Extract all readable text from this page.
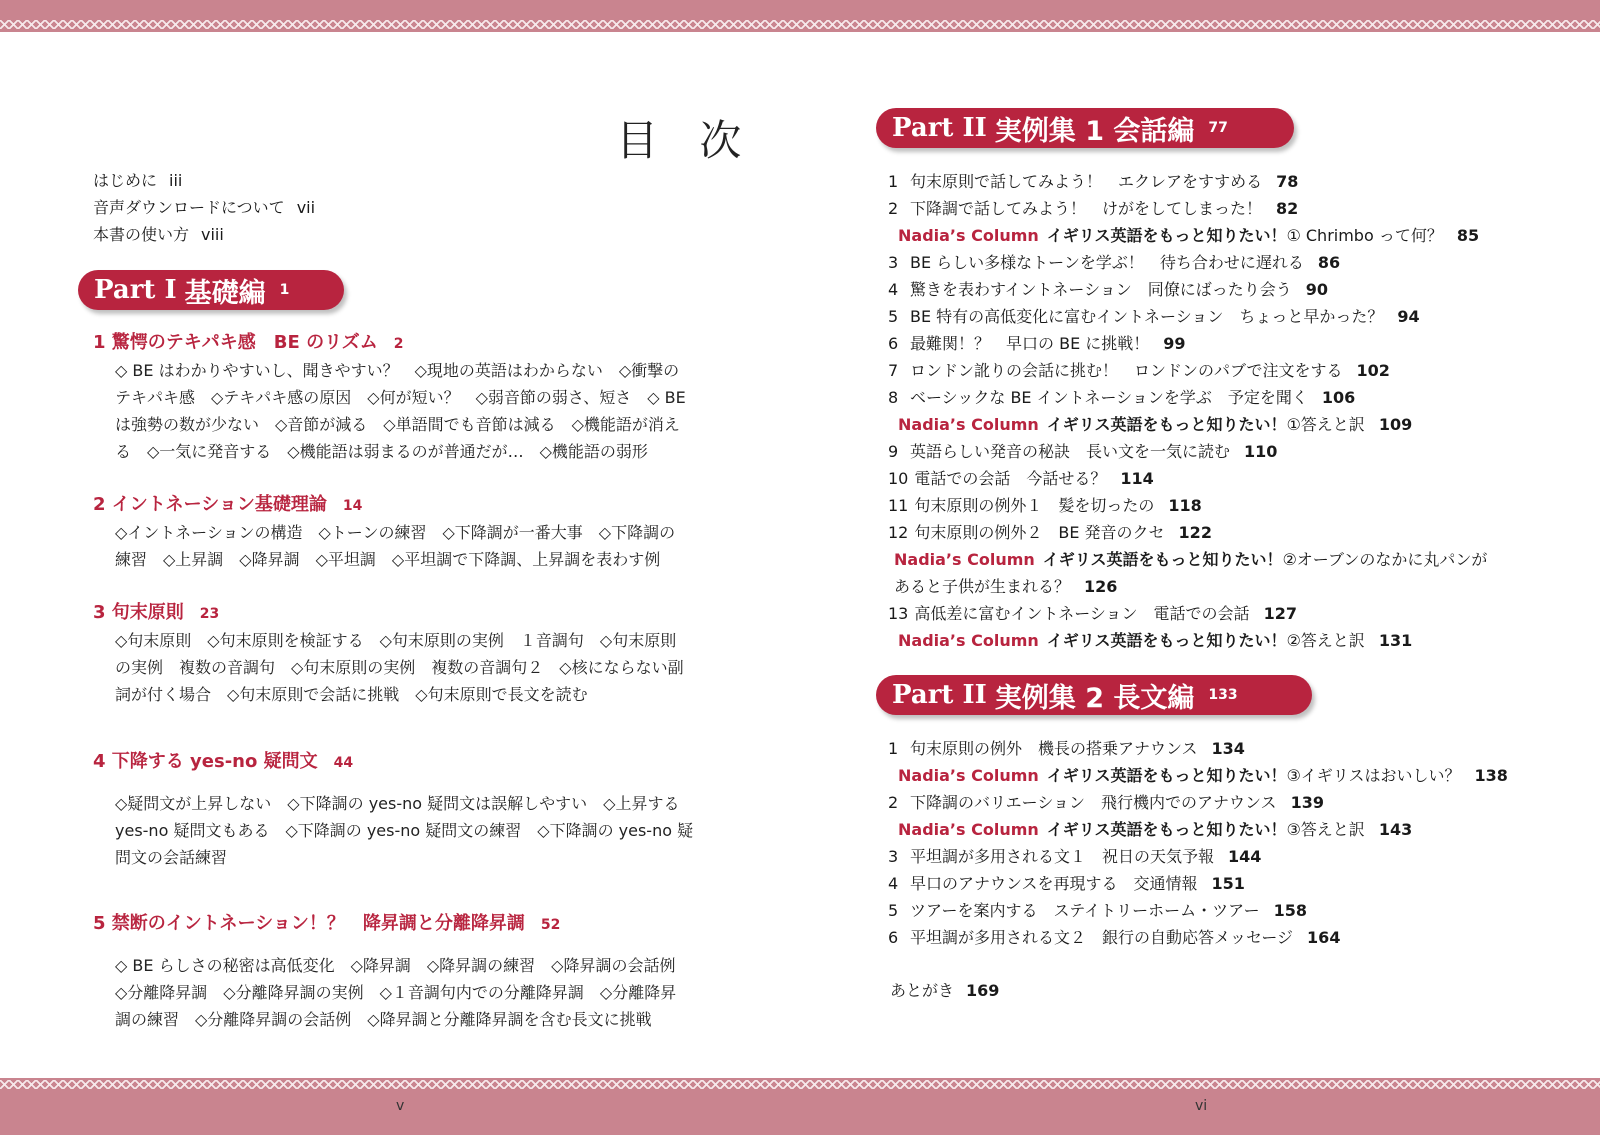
v	vi
目 次
はじめに iii
音声ダウンロードについて vii
本書の使い方 viii
Part I 基礎編 1
1 驚愕のテキパキ感　BE のリズム 2
◇ BE はわかりやすいし、聞きやすい？　◇現地の英語はわからない　◇衝撃の
テキパキ感　◇テキパキ感の原因　◇何が短い？　◇弱音節の弱さ、短さ　◇ BE
は強勢の数が少ない　◇音節が減る　◇単語間でも音節は減る　◇機能語が消え
る　◇一気に発音する　◇機能語は弱まるのが普通だが…　◇機能語の弱形
2 イントネーション基礎理論 14
◇イントネーションの構造　◇トーンの練習　◇下降調が一番大事　◇下降調の
練習　◇上昇調　◇降昇調　◇平坦調　◇平坦調で下降調、上昇調を表わす例
3 句末原則 23
◇句末原則　◇句末原則を検証する　◇句末原則の実例　１音調句　◇句末原則
の実例　複数の音調句　◇句末原則の実例　複数の音調句２　◇核にならない副
詞が付く場合　◇句末原則で会話に挑戦　◇句末原則で長文を読む
4 下降する yes-no 疑問文 44
◇疑問文が上昇しない　◇下降調の yes-no 疑問文は誤解しやすい　◇上昇する
yes-no 疑問文もある　◇下降調の yes-no 疑問文の練習　◇下降調の yes-no 疑
問文の会話練習
5 禁断のイントネーション！？　降昇調と分離降昇調 52
◇ BE らしさの秘密は高低変化　◇降昇調　◇降昇調の練習　◇降昇調の会話例
◇分離降昇調　◇分離降昇調の実例　◇１音調句内での分離降昇調　◇分離降昇
調の練習　◇分離降昇調の会話例　◇降昇調と分離降昇調を含む長文に挑戦
Part II 実例集 1 会話編 77
1 句末原則で話してみよう！　エクレアをすすめる 78
2 下降調で話してみよう！　けがをしてしまった！ 82
Nadia’s Column イギリス英語をもっと知りたい！① Chrimbo って何？ 85
3 BE らしい多様なトーンを学ぶ！　待ち合わせに遅れる 86
4 驚きを表わすイントネーション　同僚にばったり会う 90
5 BE 特有の高低変化に富むイントネーション　ちょっと早かった？ 94
6 最難関！？　早口の BE に挑戦！ 99
7 ロンドン訛りの会話に挑む！　ロンドンのパブで注文をする 102
8 ベーシックな BE イントネーションを学ぶ　予定を聞く 106
Nadia’s Column イギリス英語をもっと知りたい！①答えと訳 109
9 英語らしい発音の秘訣　長い文を一気に読む 110
10 電話での会話　今話せる？ 114
11 句末原則の例外１　髪を切ったの 118
12 句末原則の例外２　BE 発音のクセ 122
Nadia’s Column イギリス英語をもっと知りたい！②オーブンのなかに丸パンが
あると子供が生まれる？ 126
13 高低差に富むイントネーション　電話での会話 127
Nadia’s Column イギリス英語をもっと知りたい！②答えと訳 131
Part II 実例集 2 長文編 133
1 句末原則の例外　機長の搭乗アナウンス 134
Nadia’s Column イギリス英語をもっと知りたい！③イギリスはおいしい？ 138
2 下降調のバリエーション　飛行機内でのアナウンス 139
Nadia’s Column イギリス英語をもっと知りたい！③答えと訳 143
3 平坦調が多用される文１　祝日の天気予報 144
4 早口のアナウンスを再現する　交通情報 151
5 ツアーを案内する　ステイトリーホーム・ツアー 158
6 平坦調が多用される文２　銀行の自動応答メッセージ 164
あとがき 169
